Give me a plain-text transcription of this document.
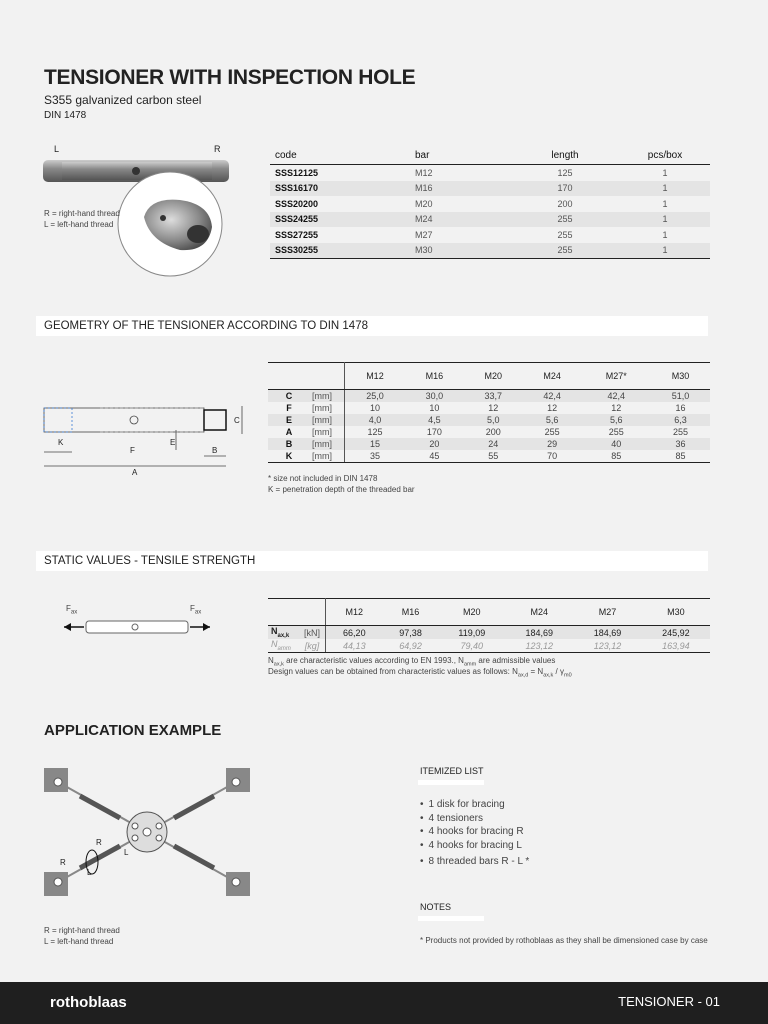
TENSIONER WITH INSPECTION HOLE
S355 galvanized carbon steel
DIN 1478
L	R
R = right-hand thread
L = left-hand thread
code	bar	length	pcs/box
SSS12125	M12	125	1
SSS16170	M16	170	1
SSS20200	M20	200	1
SSS24255	M24	255	1
SSS27255	M27	255	1
SSS30255	M30	255	1
GEOMETRY OF THE TENSIONER ACCORDING TO DIN 1478
C
K
F
E
B
A
		M12	M16	M20	M24	M27*	M30
C	[mm]	25,0	30,0	33,7	42,4	42,4	51,0
F	[mm]	10	10	12	12	12	16
E	[mm]	4,0	4,5	5,0	5,6	5,6	6,3
A	[mm]	125	170	200	255	255	255
B	[mm]	15	20	24	29	40	36
K	[mm]	35	45	55	70	85	85
* size not included in DIN 1478
K = penetration depth of the threaded bar
STATIC VALUES - TENSILE STRENGTH
$F_{ax}$	$F_{ax}$
			M12	M16	M20	M24	M27	M30
$N_{ax,k}$	[kN]	66,20	97,38	119,09	184,69	184,69	245,92
$N_{amm}$	[kg]	44,13	64,92	79,40	123,12	123,12	163,94
$N_{ax,k}$ are characteristic values according to EN 1993., $N_{amm}$ are admissible values
Design values can be obtained from characteristic values as follows: $N_{ax,d} = N_{ax,k} / \gamma_{m0}$
APPLICATION EXAMPLE
R
L
R
L
R = right-hand thread
L = left-hand thread
ITEMIZED LIST
• 1 disk for bracing
• 4 tensioners
• 4 hooks for bracing R
• 4 hooks for bracing L
• 8 threaded bars R - L *
NOTES
* Products not provided by rothoblaas as they shall be dimensioned case by case
rothoblaas	TENSIONER - 01
